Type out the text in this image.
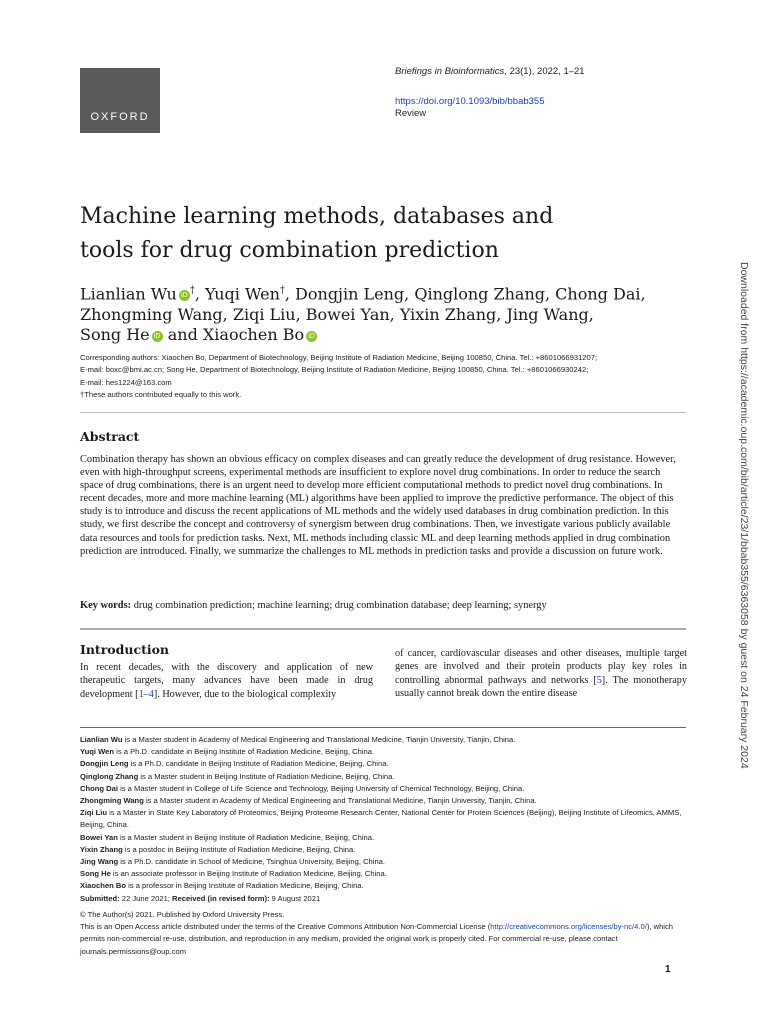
OXFORD
Briefings in Bioinformatics, 23(1), 2022, 1–21
https://doi.org/10.1093/bib/bbab355
Review
Machine learning methods, databases and tools for drug combination prediction
Lianlian Wu iD †, Yuqi Wen†, Dongjin Leng, Qinglong Zhang, Chong Dai,
Zhongming Wang, Ziqi Liu, Bowei Yan, Yixin Zhang, Jing Wang,
Song He iD and Xiaochen Bo iD
Corresponding authors: Xiaochen Bo, Department of Biotechnology, Beijing Institute of Radiation Medicine, Beijing 100850, China. Tel.: +8601066931207;
E-mail: boxc@bmi.ac.cn; Song He, Department of Biotechnology, Beijing Institute of Radiation Medicine, Beijing 100850, China. Tel.: +8601066930242;
E-mail: hes1224@163.com
†These authors contributed equally to this work.
Abstract
Combination therapy has shown an obvious efficacy on complex diseases and can greatly reduce the development of drug resistance. However, even with high-throughput screens, experimental methods are insufficient to explore novel drug combinations. In order to reduce the search space of drug combinations, there is an urgent need to develop more efficient computational methods to predict novel drug combinations. In recent decades, more and more machine learning (ML) algorithms have been applied to improve the predictive performance. The object of this study is to introduce and discuss the recent applications of ML methods and the widely used databases in drug combination prediction. In this study, we first describe the concept and controversy of synergism between drug combinations. Then, we investigate various publicly available data resources and tools for prediction tasks. Next, ML methods including classic ML and deep learning methods applied in drug combination prediction are introduced. Finally, we summarize the challenges to ML methods in prediction tasks and provide a discussion on future work.
Key words: drug combination prediction; machine learning; drug combination database; deep learning; synergy
Introduction
In recent decades, with the discovery and application of new therapeutic targets, many advances have been made in drug development [1–4]. However, due to the biological complexity
of cancer, cardiovascular diseases and other diseases, multiple target genes are involved and their protein products play key roles in controlling abnormal pathways and networks [5]. The monotherapy usually cannot break down the entire disease
Lianlian Wu is a Master student in Academy of Medical Engineering and Translational Medicine, Tianjin University, Tianjin, China.
Yuqi Wen is a Ph.D. candidate in Beijing Institute of Radiation Medicine, Beijing, China.
Dongjin Leng is a Ph.D. candidate in Beijing Institute of Radiation Medicine, Beijing, China.
Qinglong Zhang is a Master student in Beijing Institute of Radiation Medicine, Beijing, China.
Chong Dai is a Master student in College of Life Science and Technology, Beijing University of Chemical Technology, Beijing, China.
Zhongming Wang is a Master student in Academy of Medical Engineering and Translational Medicine, Tianjin University, Tianjin, China.
Ziqi Liu is a Master in State Key Laboratory of Proteomics, Beijing Proteome Research Center, National Center for Protein Sciences (Beijing), Beijing Institute of Lifeomics, AMMS, Beijing, China.
Bowei Yan is a Master student in Beijing Institute of Radiation Medicine, Beijing, China.
Yixin Zhang is a postdoc in Beijing Institute of Radiation Medicine, Beijing, China.
Jing Wang is a Ph.D. candidate in School of Medicine, Tsinghua University, Beijing, China.
Song He is an associate professor in Beijing Institute of Radiation Medicine, Beijing, China.
Xiaochen Bo is a professor in Beijing Institute of Radiation Medicine, Beijing, China.
Submitted: 22 June 2021; Received (in revised form): 9 August 2021
© The Author(s) 2021. Published by Oxford University Press.
This is an Open Access article distributed under the terms of the Creative Commons Attribution Non-Commercial License (http://creativecommons.org/licenses/by-nc/4.0/), which permits non-commercial re-use, distribution, and reproduction in any medium, provided the original work is properly cited. For commercial re-use, please contact journals.permissions@oup.com
1
Downloaded from https://academic.oup.com/bib/article/23/1/bbab355/6363058 by guest on 24 February 2024
